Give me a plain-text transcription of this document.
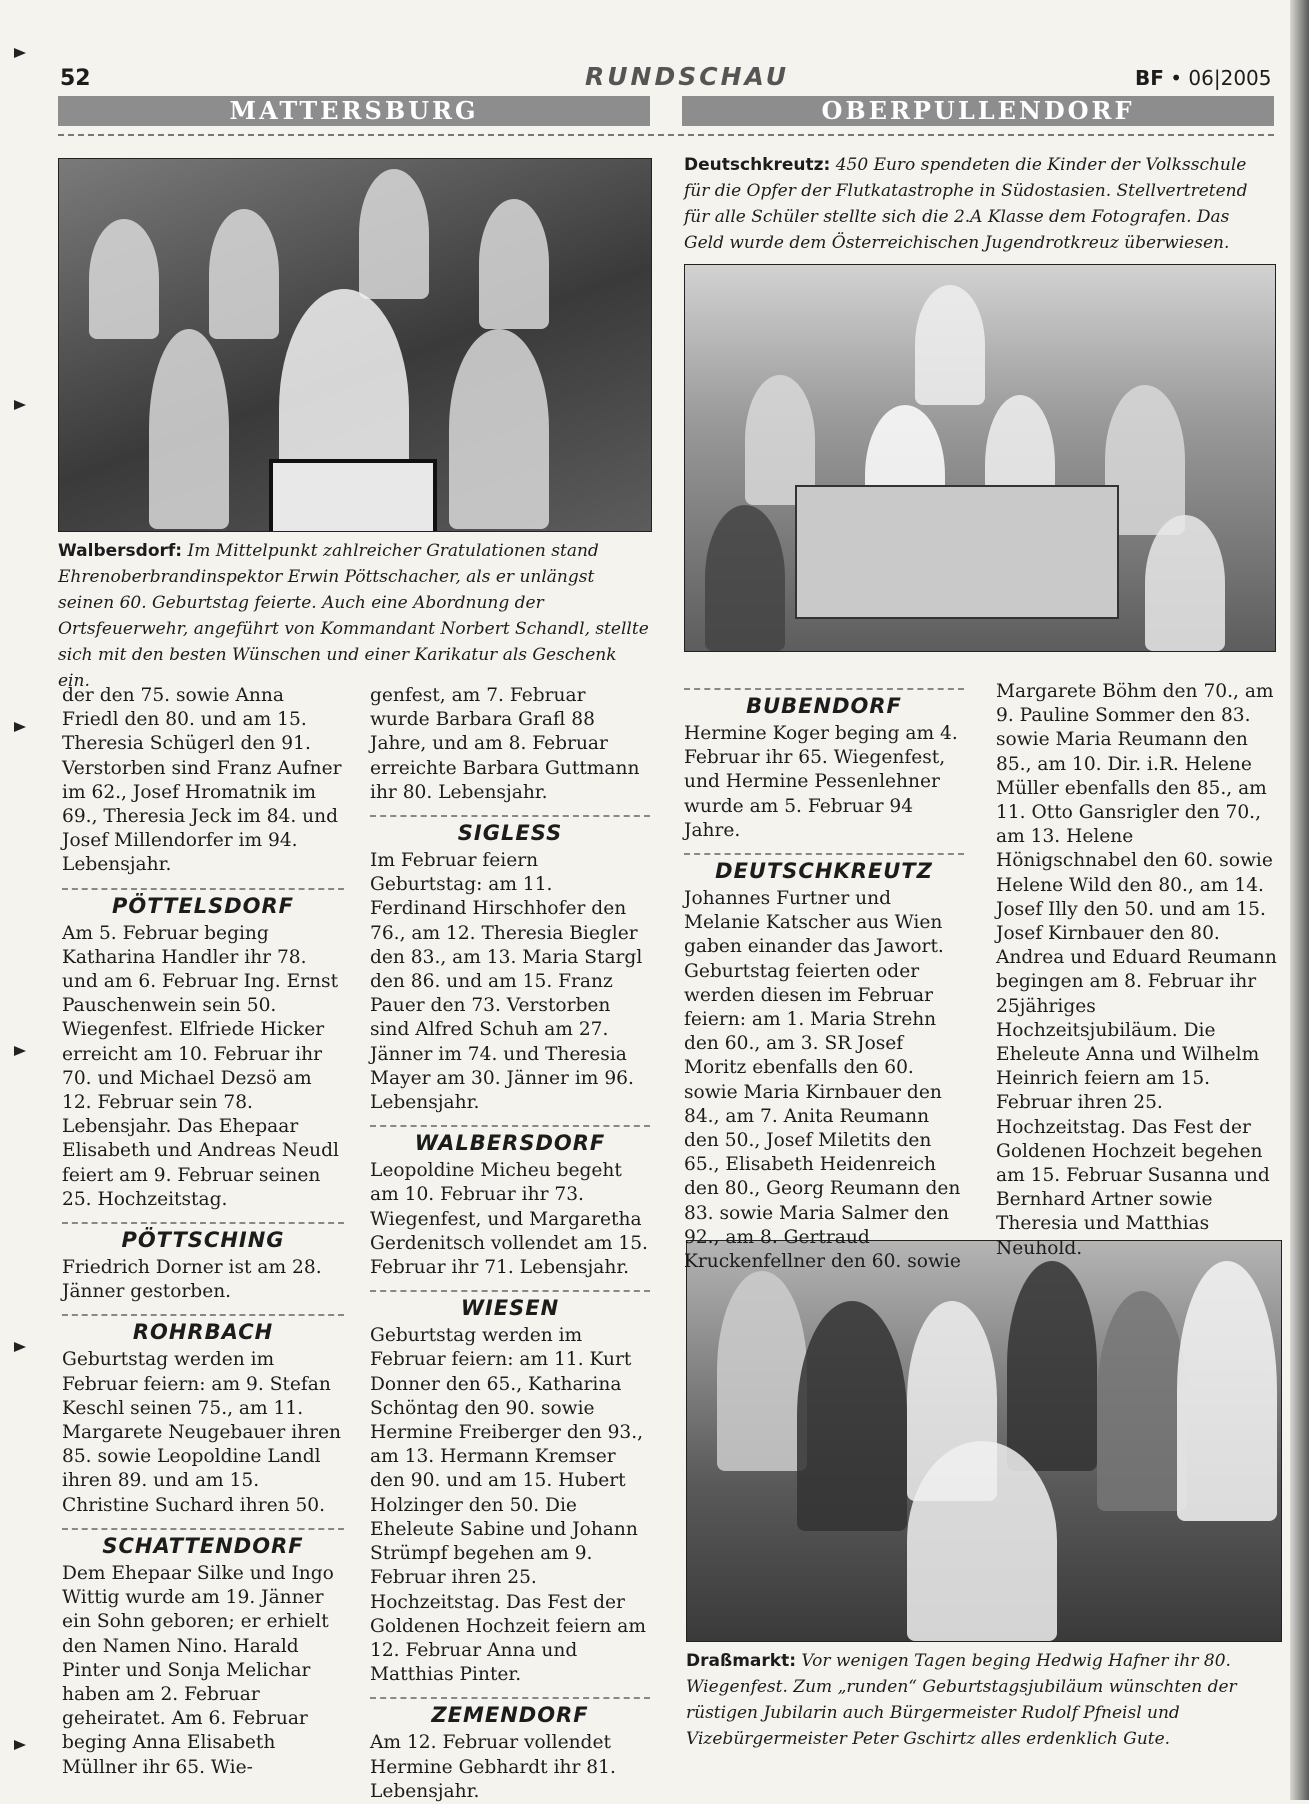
52	RUNDSCHAU	BF • 06|2005
MATTERSBURG	OBERPULLENDORF
Walbersdorf: Im Mittelpunkt zahlreicher Gratulationen stand Ehrenoberbrandinspektor Erwin Pöttschacher, als er unlängst seinen 60. Geburtstag feierte. Auch eine Abordnung der Ortsfeuerwehr, angeführt von Kommandant Norbert Schandl, stellte sich mit den besten Wünschen und einer Karikatur als Geschenk ein.
Deutschkreutz: 450 Euro spendeten die Kinder der Volksschule für die Opfer der Flutkatastrophe in Südostasien. Stellvertretend für alle Schüler stellte sich die 2.A Klasse dem Fotografen. Das Geld wurde dem Österreichischen Jugendrotkreuz überwiesen.
Draßmarkt: Vor wenigen Tagen beging Hedwig Hafner ihr 80. Wiegenfest. Zum „runden“ Geburtstagsjubiläum wünschten der rüstigen Jubilarin auch Bürgermeister Rudolf Pfneisl und Vizebürgermeister Peter Gschirtz alles erdenklich Gute.

der den 75. sowie Anna Friedl den 80. und am 15. Theresia Schügerl den 91. Verstorben sind Franz Aufner im 62., Josef Hromatnik im 69., Theresia Jeck im 84. und Josef Millendorfer im 94. Lebensjahr.

PÖTTELSDORF

Am 5. Februar beging Katharina Handler ihr 78. und am 6. Februar Ing. Ernst Pauschenwein sein 50. Wiegenfest. Elfriede Hicker erreicht am 10. Februar ihr 70. und Michael Dezsö am 12. Februar sein 78. Lebensjahr. Das Ehepaar Elisabeth und Andreas Neudl feiert am 9. Februar seinen 25. Hochzeitstag.

PÖTTSCHING

Friedrich Dorner ist am 28. Jänner gestorben.

ROHRBACH

Geburtstag werden im Februar feiern: am 9. Stefan Keschl seinen 75., am 11. Margarete Neugebauer ihren 85. sowie Leopoldine Landl ihren 89. und am 15. Christine Suchard ihren 50.

SCHATTENDORF

Dem Ehepaar Silke und Ingo Wittig wurde am 19. Jänner ein Sohn geboren; er erhielt den Namen Nino. Harald Pinter und Sonja Melichar haben am 2. Februar geheiratet. Am 6. Februar beging Anna Elisabeth Müllner ihr 65. Wie-

genfest, am 7. Februar wurde Barbara Grafl 88 Jahre, und am 8. Februar erreichte Barbara Guttmann ihr 80. Lebensjahr.

SIGLESS

Im Februar feiern Geburtstag: am 11. Ferdinand Hirschhofer den 76., am 12. Theresia Biegler den 83., am 13. Maria Stargl den 86. und am 15. Franz Pauer den 73. Verstorben sind Alfred Schuh am 27. Jänner im 74. und Theresia Mayer am 30. Jänner im 96. Lebensjahr.

WALBERSDORF

Leopoldine Micheu begeht am 10. Februar ihr 73. Wiegenfest, und Margaretha Gerdenitsch vollendet am 15. Februar ihr 71. Lebensjahr.

WIESEN

Geburtstag werden im Februar feiern: am 11. Kurt Donner den 65., Katharina Schöntag den 90. sowie Hermine Freiberger den 93., am 13. Hermann Kremser den 90. und am 15. Hubert Holzinger den 50. Die Eheleute Sabine und Johann Strümpf begehen am 9. Februar ihren 25. Hochzeitstag. Das Fest der Goldenen Hochzeit feiern am 12. Februar Anna und Matthias Pinter.

ZEMENDORF

Am 12. Februar vollendet Hermine Gebhardt ihr 81. Lebensjahr.

BUBENDORF

Hermine Koger beging am 4. Februar ihr 65. Wiegenfest, und Hermine Pessenlehner wurde am 5. Februar 94 Jahre.

DEUTSCHKREUTZ

Johannes Furtner und Melanie Katscher aus Wien gaben einander das Jawort. Geburtstag feierten oder werden diesen im Februar feiern: am 1. Maria Strehn den 60., am 3. SR Josef Moritz ebenfalls den 60. sowie Maria Kirnbauer den 84., am 7. Anita Reumann den 50., Josef Miletits den 65., Elisabeth Heidenreich den 80., Georg Reumann den 83. sowie Maria Salmer den 92., am 8. Gertraud Kruckenfellner den 60. sowie

Margarete Böhm den 70., am 9. Pauline Sommer den 83. sowie Maria Reumann den 85., am 10. Dir. i.R. Helene Müller ebenfalls den 85., am 11. Otto Gansrigler den 70., am 13. Helene Hönigschnabel den 60. sowie Helene Wild den 80., am 14. Josef Illy den 50. und am 15. Josef Kirnbauer den 80. Andrea und Eduard Reumann begingen am 8. Februar ihr 25jähriges Hochzeitsjubiläum. Die Eheleute Anna und Wilhelm Heinrich feiern am 15. Februar ihren 25. Hochzeitstag. Das Fest der Goldenen Hochzeit begehen am 15. Februar Susanna und Bernhard Artner sowie Theresia und Matthias Neuhold.
